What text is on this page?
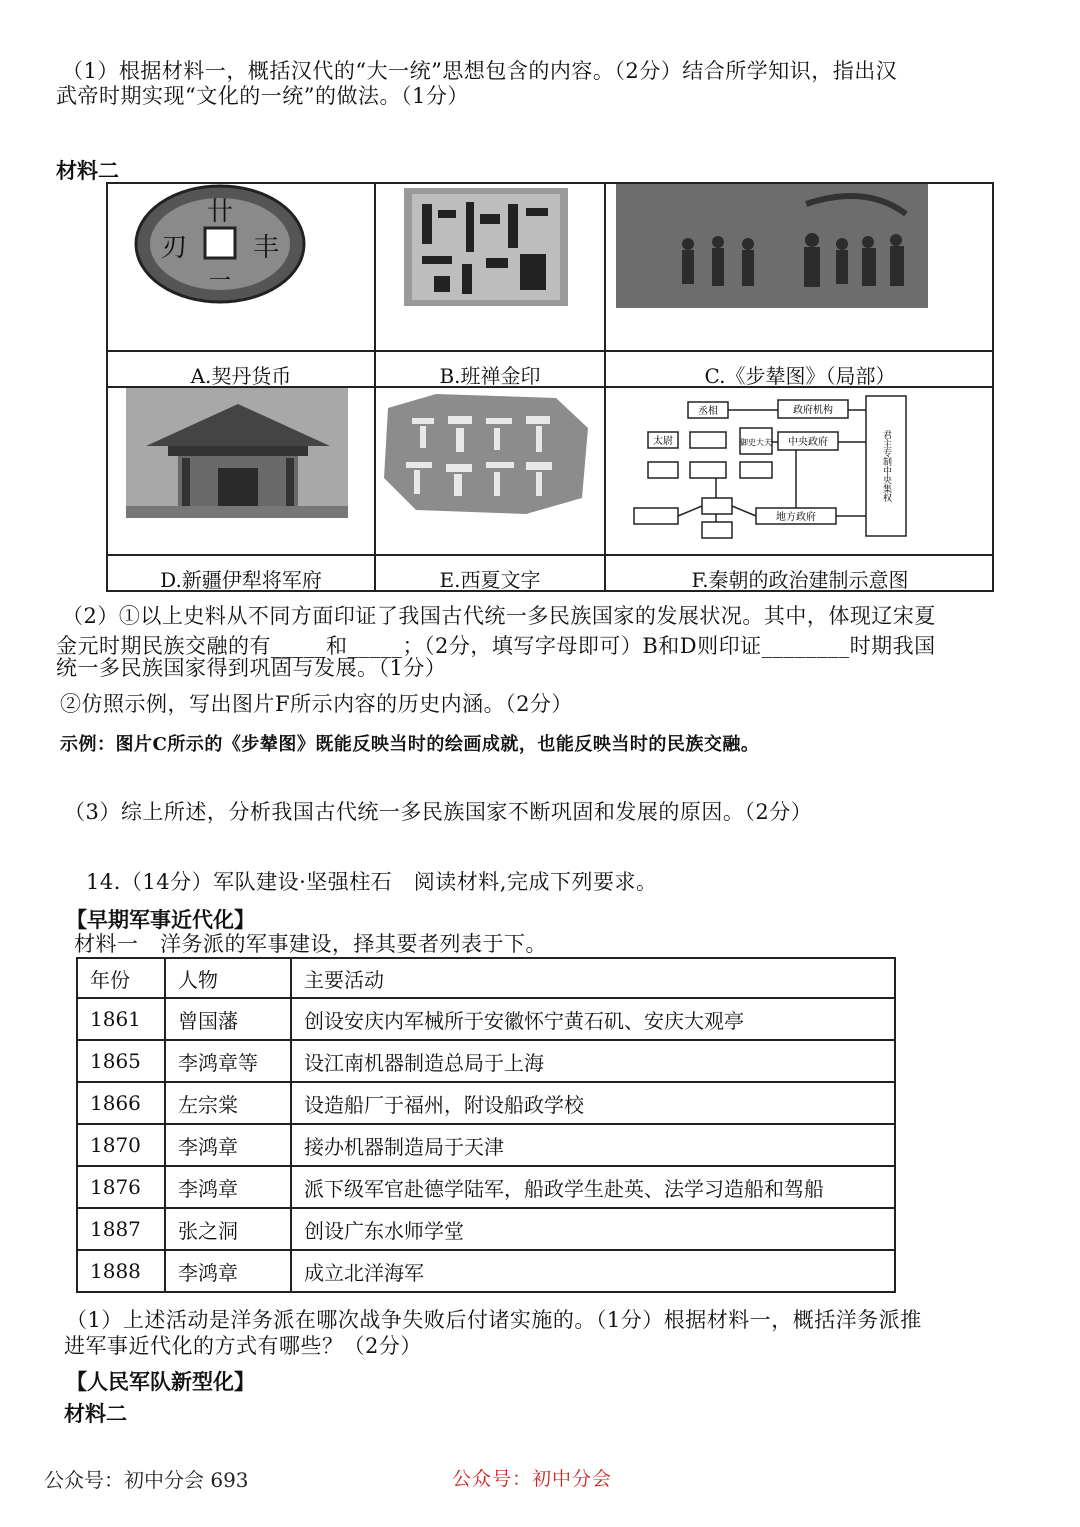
（1）根据材料一，概括汉代的“大一统”思想包含的内容。（2分）结合所学知识，指出汉
武帝时期实现“文化的一统”的做法。（1分）
材料二
卄
刃	丰
一
A.契丹货币	B.班禅金印	C.《步辇图》（局部）
D.新疆伊犁将军府	E.西夏文字
丞相	政府机构
太尉	御史大夫 中央政府
地方政府
君主专制中央集权
F.秦朝的政治建制示意图
（2）①以上史料从不同方面印证了我国古代统一多民族国家的发展状况。其中，体现辽宋夏
金元时期民族交融的有_____和_____；（2分，填写字母即可）B和D则印证________时期我国
统一多民族国家得到巩固与发展。（1分）
②仿照示例，写出图片F所示内容的历史内涵。（2分）
示例：图片C所示的《步辇图》既能反映当时的绘画成就，也能反映当时的民族交融。
（3）综上所述，分析我国古代统一多民族国家不断巩固和发展的原因。（2分）
14.（14分）军队建设·坚强柱石　阅读材料,完成下列要求。
【早期军事近代化】
材料一　洋务派的军事建设，择其要者列表于下。
年份	人物	主要活动
1861	曾国藩	创设安庆内军械所于安徽怀宁黄石矶、安庆大观亭
1865	李鸿章等	设江南机器制造总局于上海
1866	左宗棠	设造船厂于福州，附设船政学校
1870	李鸿章	接办机器制造局于天津
1876	李鸿章	派下级军官赴德学陆军，船政学生赴英、法学习造船和驾船
1887	张之洞	创设广东水师学堂
1888	李鸿章	成立北洋海军
（1）上述活动是洋务派在哪次战争失败后付诸实施的。（1分）根据材料一，概括洋务派推
进军事近代化的方式有哪些？（2分）
【人民军队新型化】
材料二
公众号：初中分会 693	公众号：初中分会
